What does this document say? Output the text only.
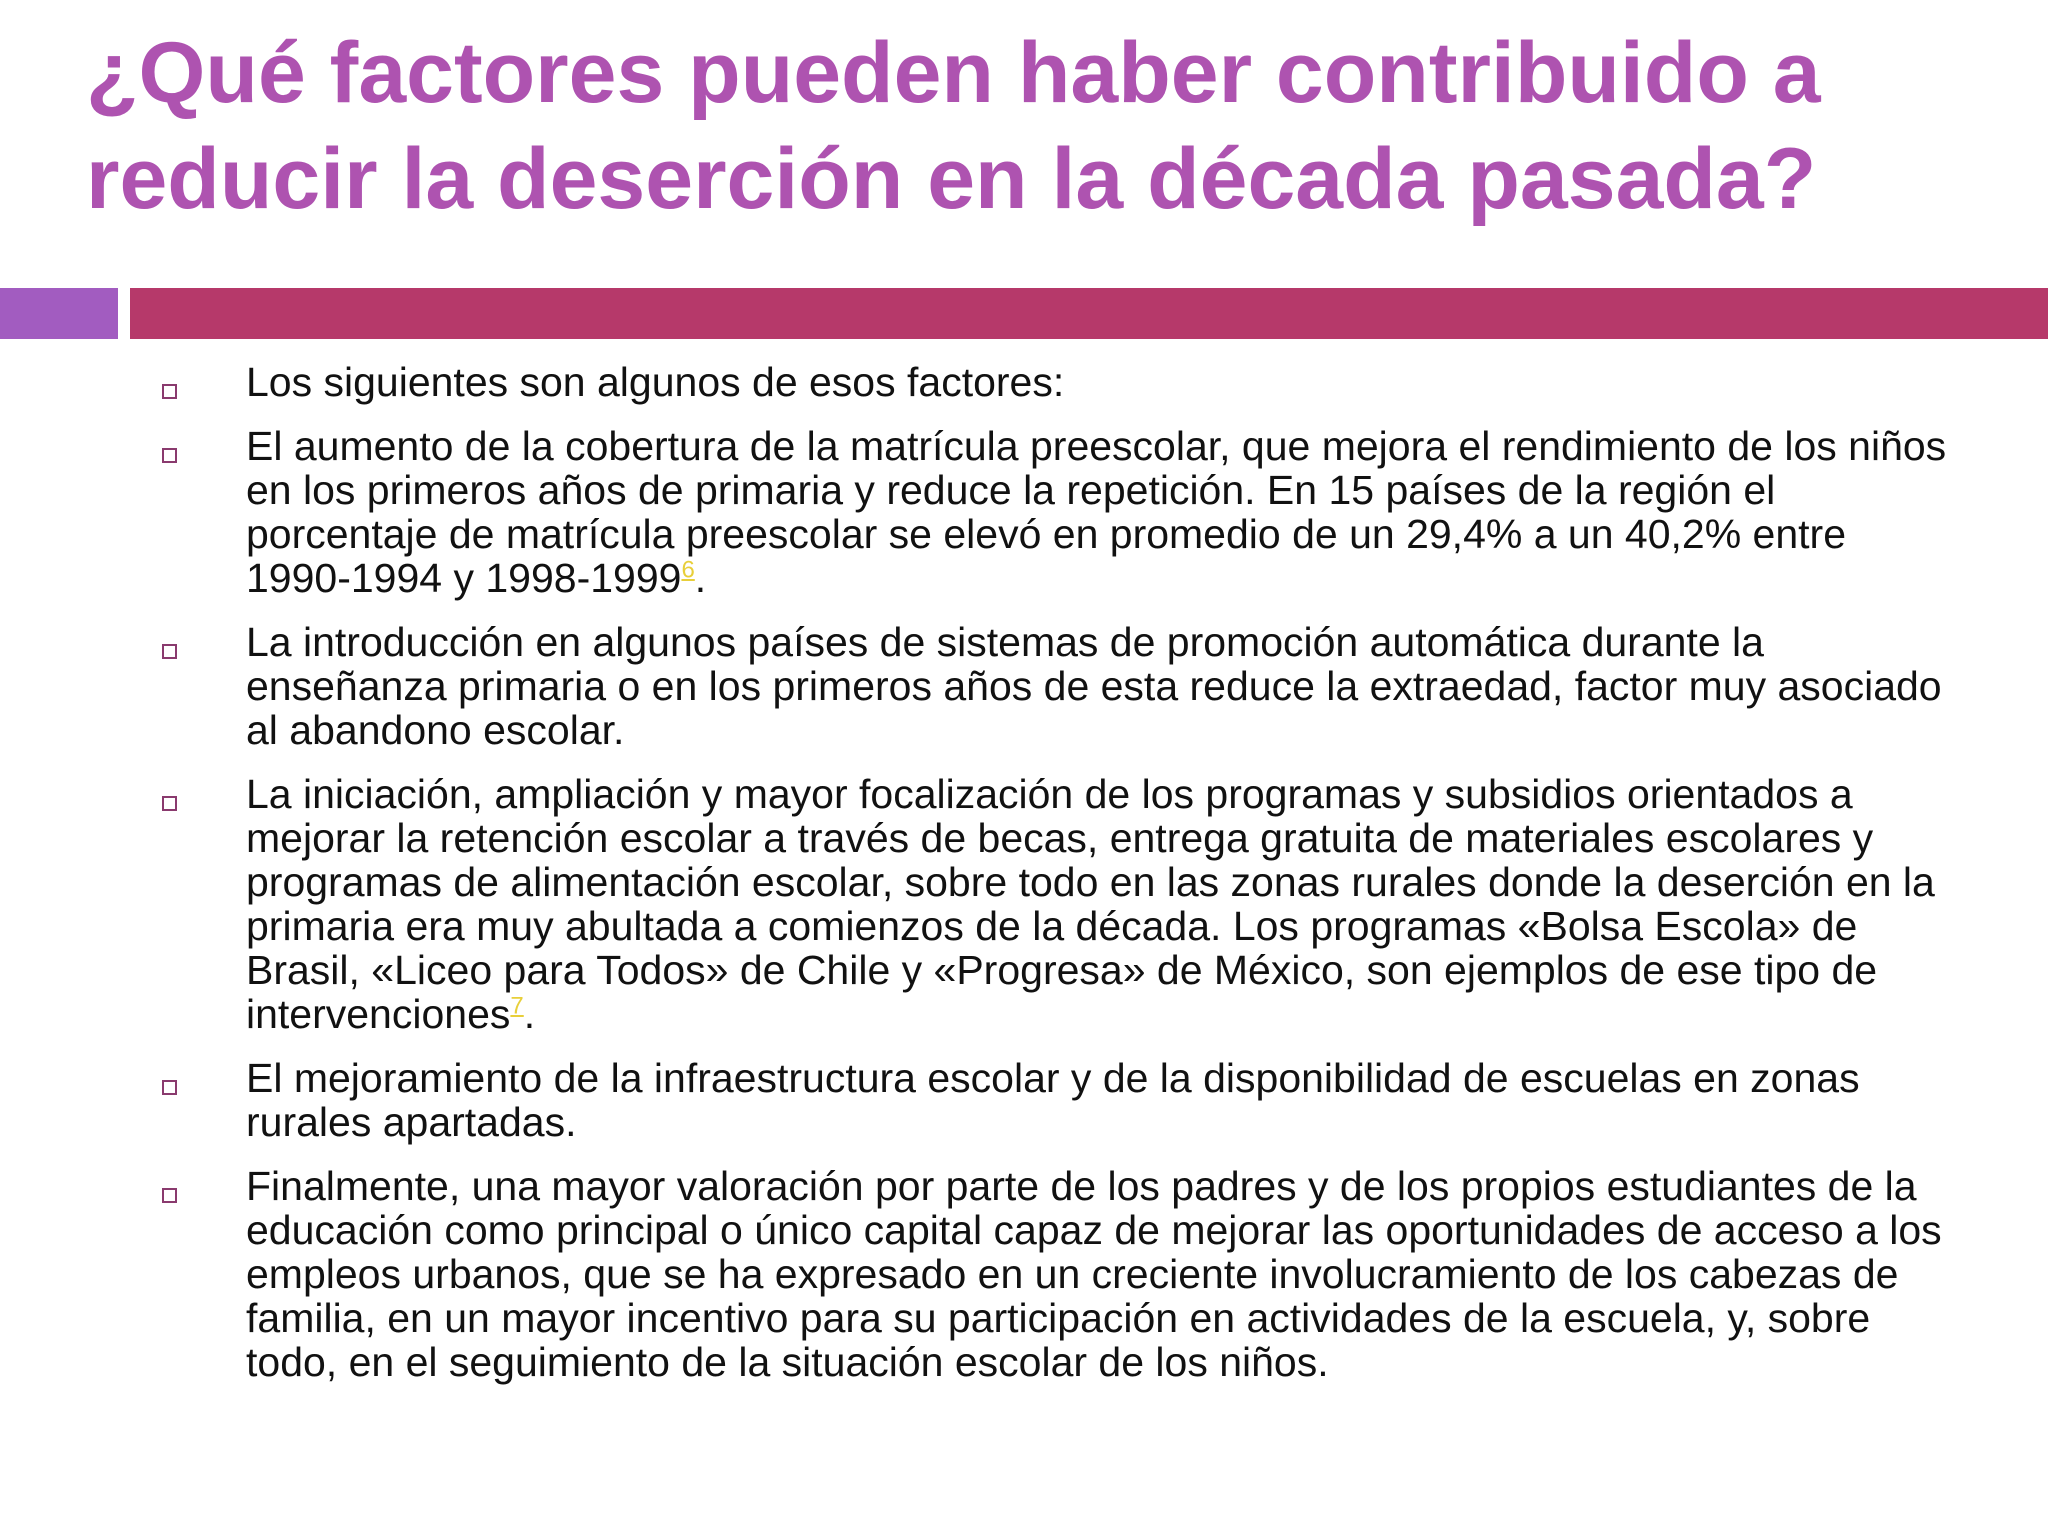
¿Qué factores pueden haber contribuido a reducir la deserción en la década pasada?
Los siguientes son algunos de esos factores:
El aumento de la cobertura de la matrícula preescolar, que mejora el rendimiento de los niños en los primeros años de primaria y reduce la repetición. En 15 países de la región el porcentaje de matrícula preescolar se elevó en promedio de un 29,4% a un 40,2% entre 1990-1994 y 1998-1999$^6$.
La introducción en algunos países de sistemas de promoción automática durante la enseñanza primaria o en los primeros años de esta reduce la extraedad, factor muy asociado al abandono escolar.
La iniciación, ampliación y mayor focalización de los programas y subsidios orientados a mejorar la retención escolar a través de becas, entrega gratuita de materiales escolares y programas de alimentación escolar, sobre todo en las zonas rurales donde la deserción en la primaria era muy abultada a comienzos de la década. Los programas «Bolsa Escola» de Brasil, «Liceo para Todos» de Chile y «Progresa» de México, son ejemplos de ese tipo de intervenciones$^7$.
El mejoramiento de la infraestructura escolar y de la disponibilidad de escuelas en zonas rurales apartadas.
Finalmente, una mayor valoración por parte de los padres y de los propios estudiantes de la educación como principal o único capital capaz de mejorar las oportunidades de acceso a los empleos urbanos, que se ha expresado en un creciente involucramiento de los cabezas de familia, en un mayor incentivo para su participación en actividades de la escuela, y, sobre todo, en el seguimiento de la situación escolar de los niños.
